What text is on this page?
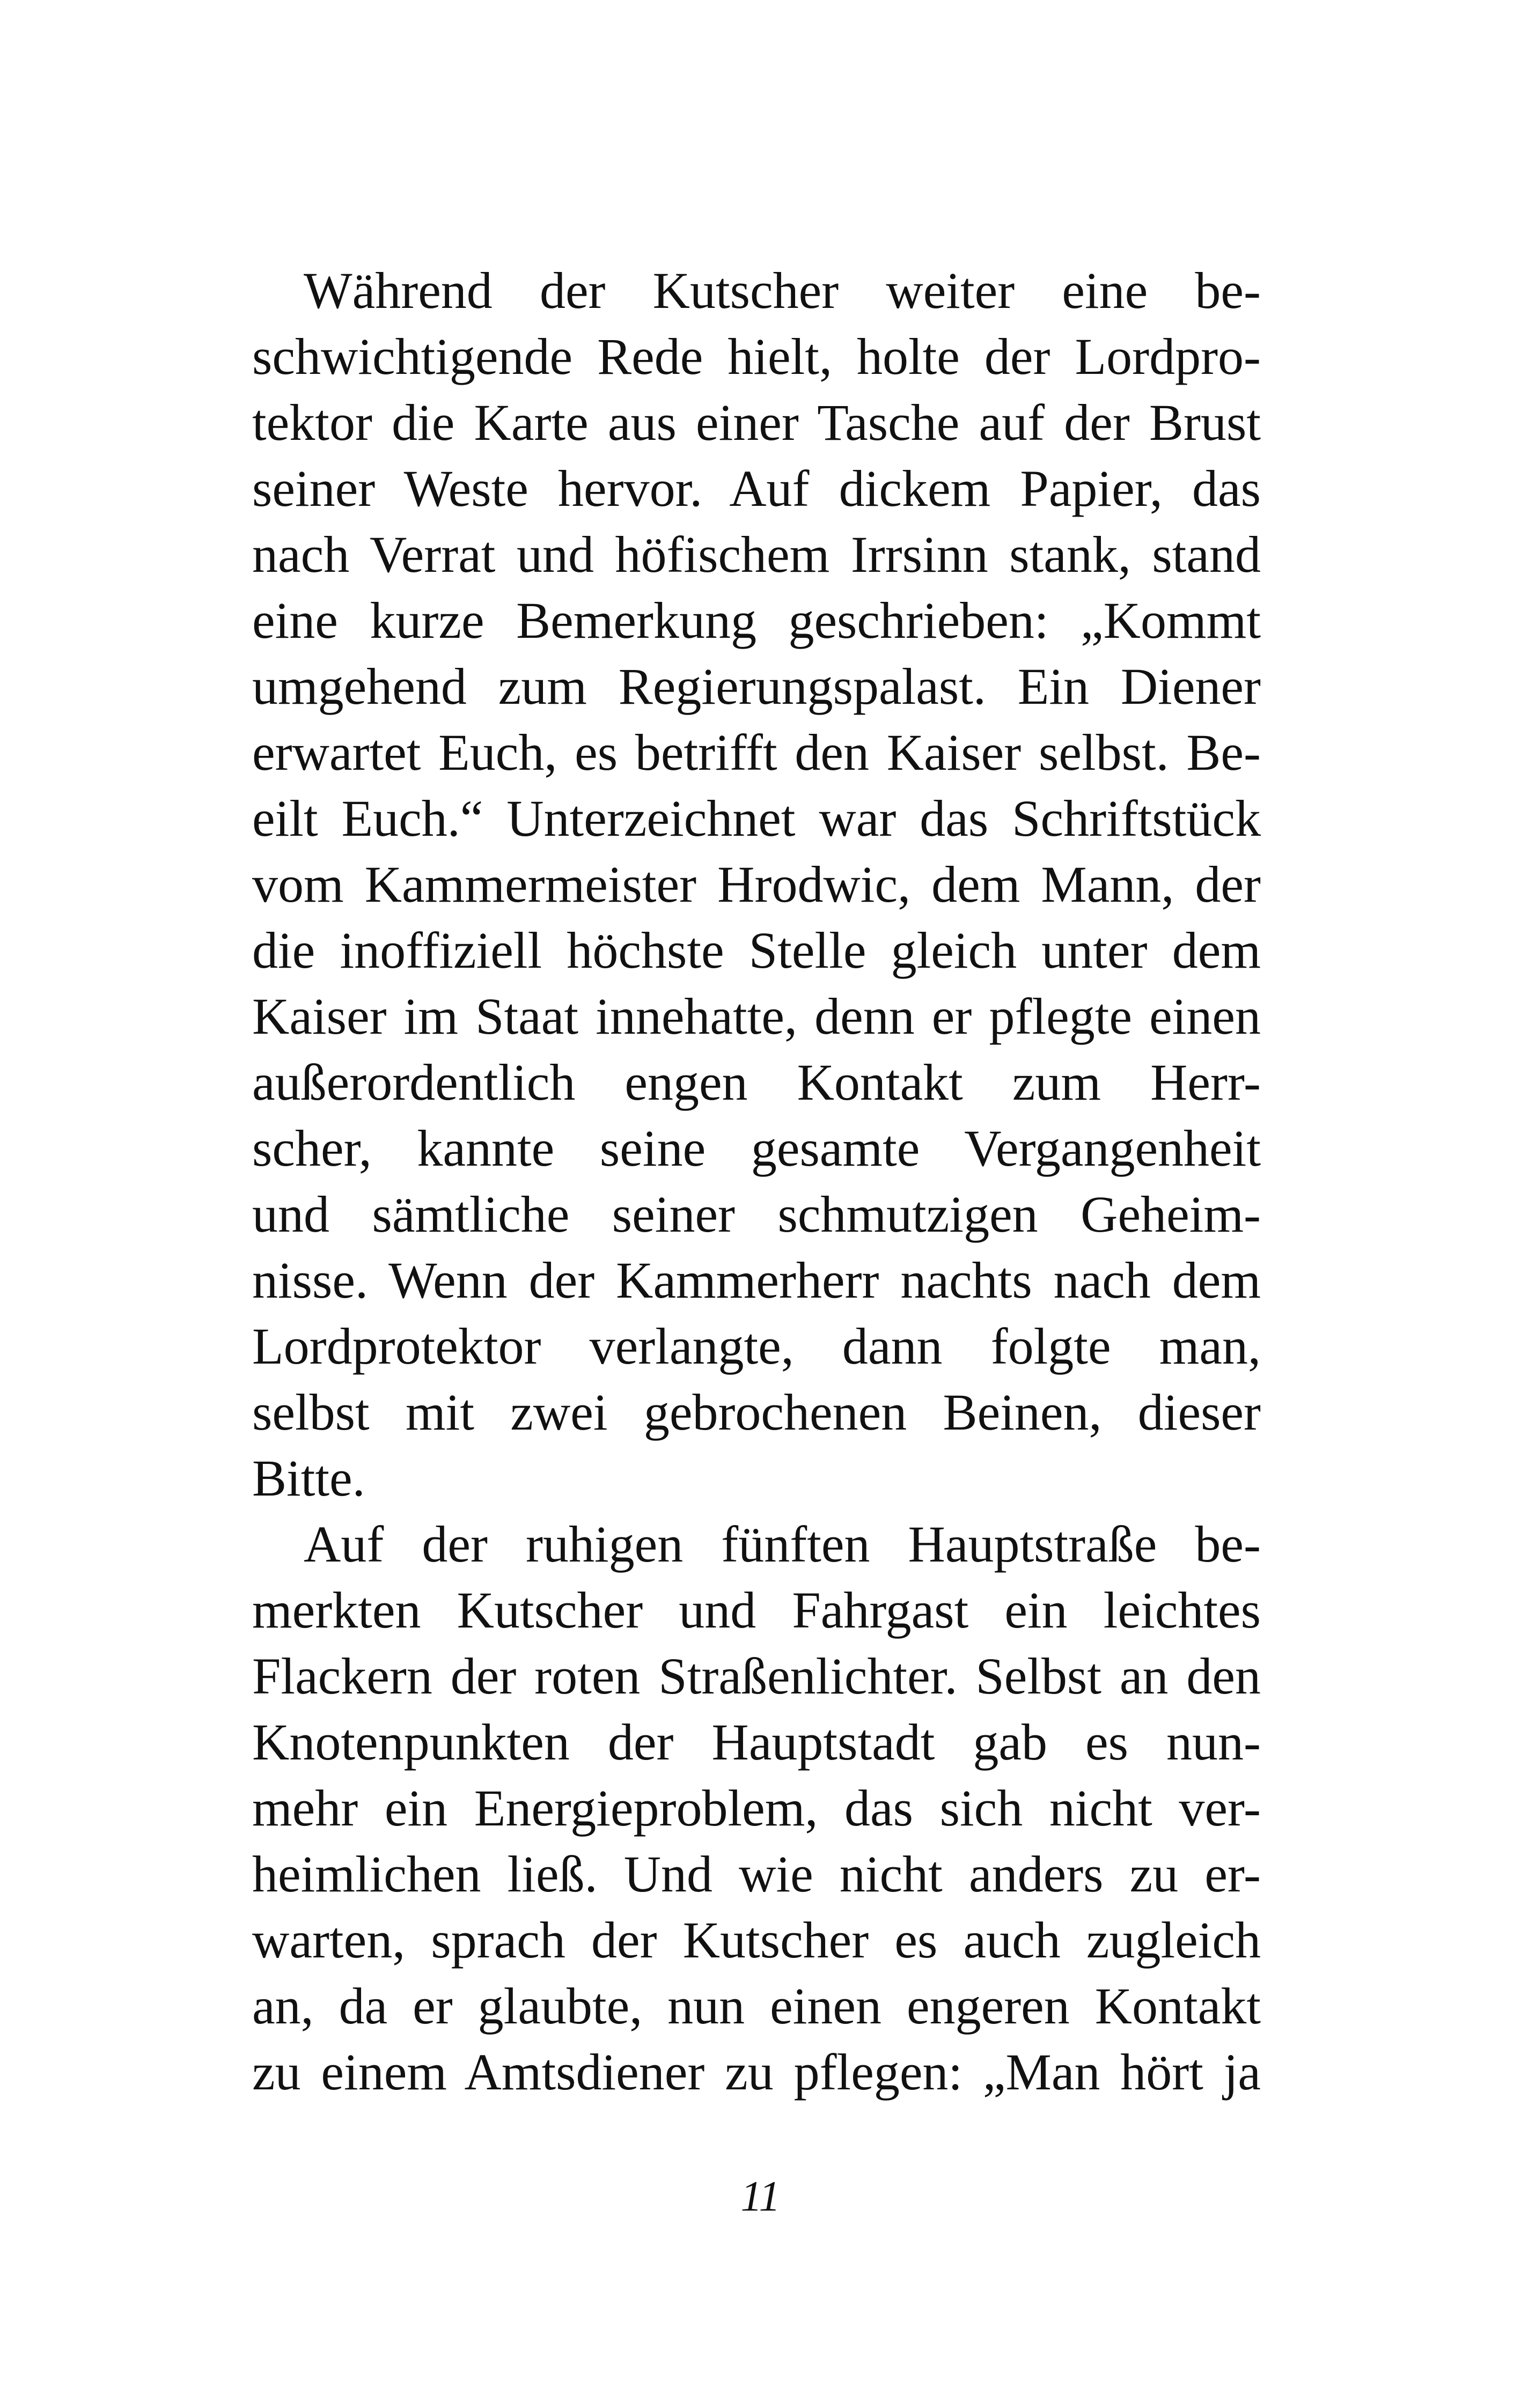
Während der Kutscher weiter eine be-
schwichtigende Rede hielt, holte der Lordpro-
tektor die Karte aus einer Tasche auf der Brust
seiner Weste hervor. Auf dickem Papier, das
nach Verrat und höfischem Irrsinn stank, stand
eine kurze Bemerkung geschrieben: „Kommt
umgehend zum Regierungspalast. Ein Diener
erwartet Euch, es betrifft den Kaiser selbst. Be-
eilt Euch.“ Unterzeichnet war das Schriftstück
vom Kammermeister Hrodwic, dem Mann, der
die inoffiziell höchste Stelle gleich unter dem
Kaiser im Staat innehatte, denn er pflegte einen
außerordentlich engen Kontakt zum Herr-
scher, kannte seine gesamte Vergangenheit
und sämtliche seiner schmutzigen Geheim-
nisse. Wenn der Kammerherr nachts nach dem
Lordprotektor verlangte, dann folgte man,
selbst mit zwei gebrochenen Beinen, dieser
Bitte.
Auf der ruhigen fünften Hauptstraße be-
merkten Kutscher und Fahrgast ein leichtes
Flackern der roten Straßenlichter. Selbst an den
Knotenpunkten der Hauptstadt gab es nun-
mehr ein Energieproblem, das sich nicht ver-
heimlichen ließ. Und wie nicht anders zu er-
warten, sprach der Kutscher es auch zugleich
an, da er glaubte, nun einen engeren Kontakt
zu einem Amtsdiener zu pflegen: „Man hört ja
11
